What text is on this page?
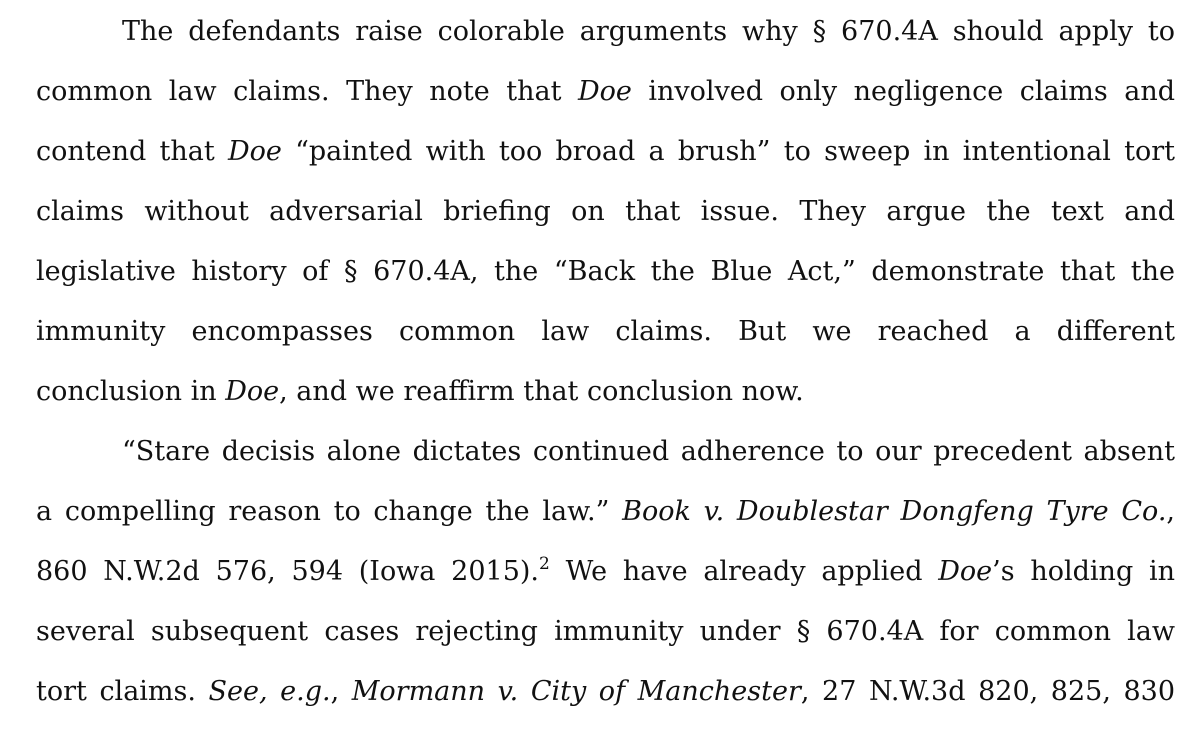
The defendants raise colorable arguments why § 670.4A should apply to
common law claims. They note that Doe involved only negligence claims and
contend that Doe “painted with too broad a brush” to sweep in intentional tort
claims without adversarial briefing on that issue. They argue the text and
legislative history of § 670.4A, the “Back the Blue Act,” demonstrate that the
immunity encompasses common law claims. But we reached a different
conclusion in Doe, and we reaffirm that conclusion now.
“Stare decisis alone dictates continued adherence to our precedent absent
a compelling reason to change the law.” Book v. Doublestar Dongfeng Tyre Co.,
860 N.W.2d 576, 594 (Iowa 2015).$^2$ We have already applied Doe’s holding in
several subsequent cases rejecting immunity under § 670.4A for common law
tort claims. See, e.g., Mormann v. City of Manchester, 27 N.W.3d 820, 825, 830
